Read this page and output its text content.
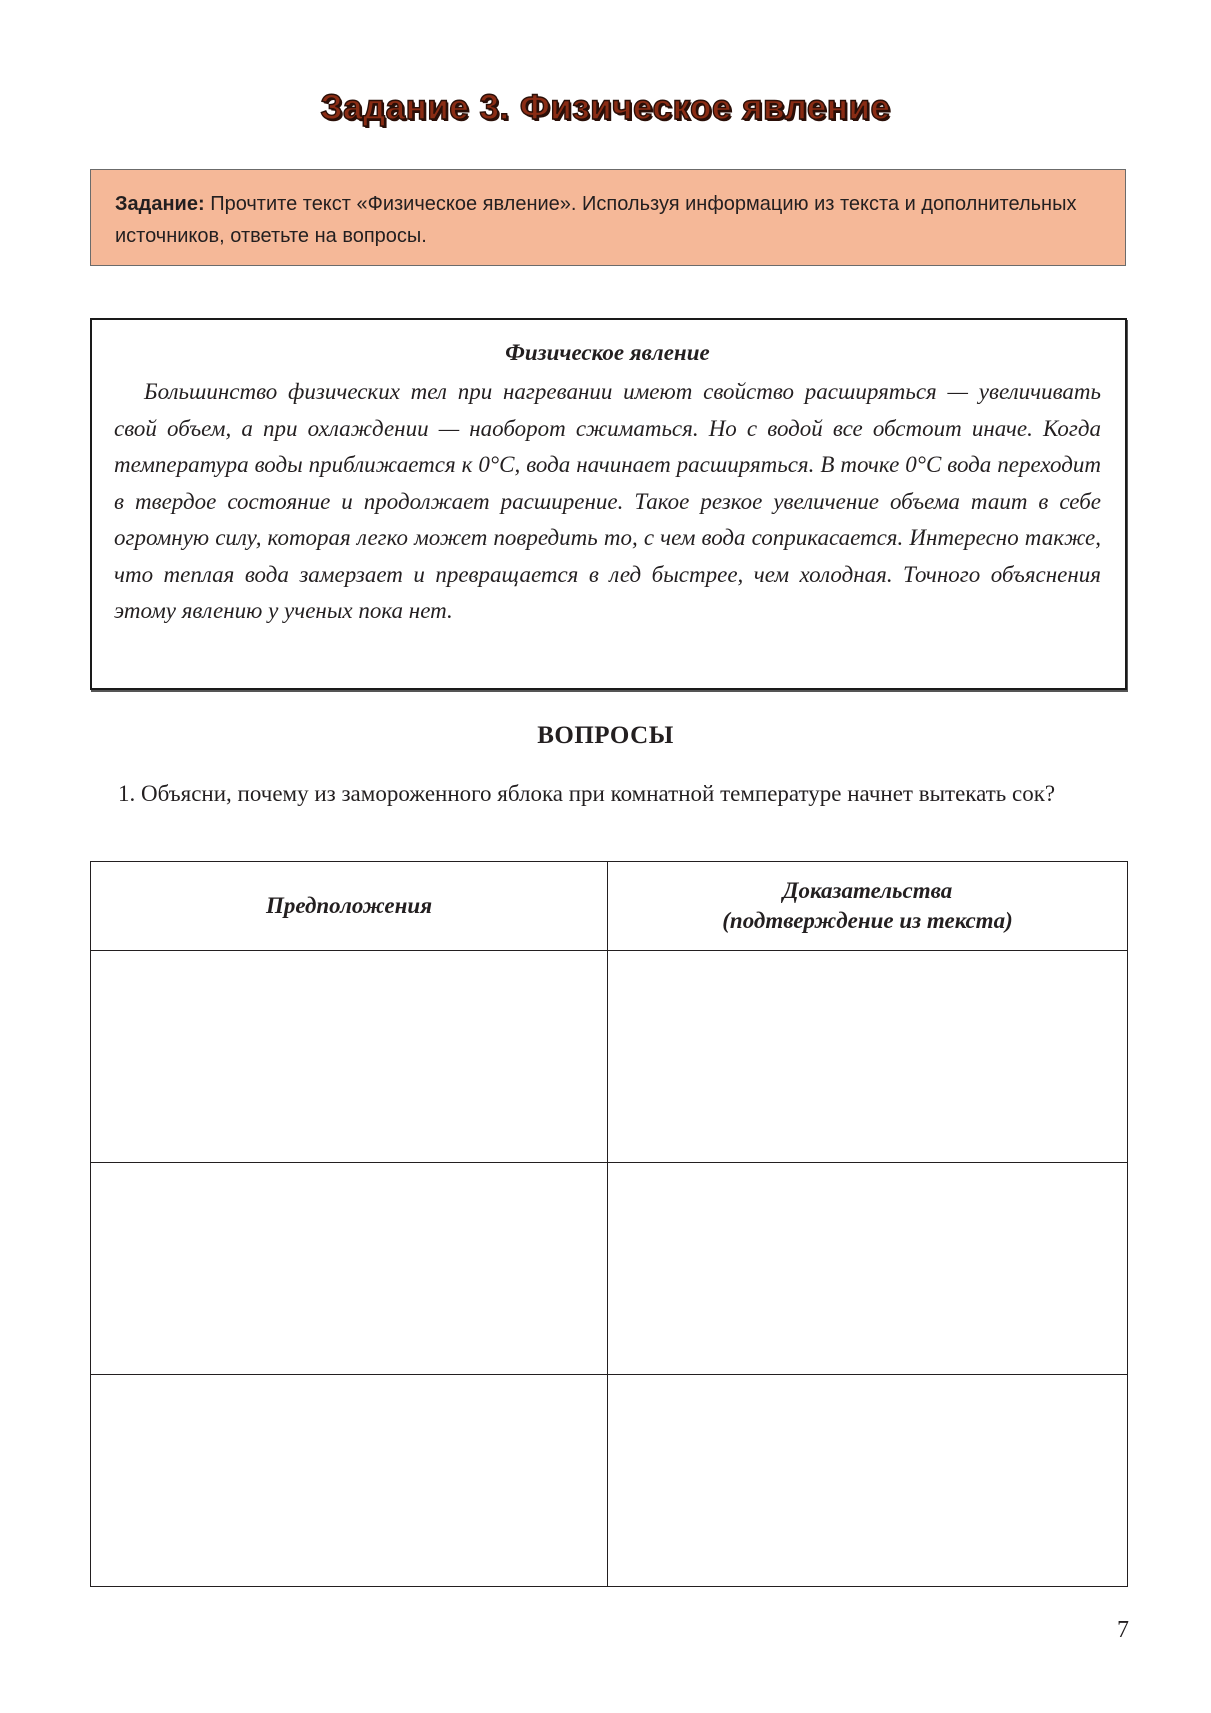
Задание 3. Физическое явление
Задание: Прочтите текст «Физическое явление». Используя информацию из текста и дополнительных источников, ответьте на вопросы.
Физическое явление

Большинство физических тел при нагревании имеют свойство расширяться — увеличивать свой объем, а при охлаждении — наоборот сжиматься. Но с водой все обстоит иначе. Когда температура воды приближается к 0°С, вода начинает расширяться. В точке 0°С вода переходит в твердое состояние и продолжает расширение. Такое резкое увеличение объема таит в себе огромную силу, которая легко может повредить то, с чем вода соприкасается. Интересно также, что теплая вода замерзает и превращается в лед быстрее, чем холодная. Точного объяснения этому явлению у ученых пока нет.

ВОПРОСЫ
1. Объясни, почему из замороженного яблока при комнатной температуре начнет вытекать сок?
Предположения	Доказательства
(подтверждение из текста)

7
